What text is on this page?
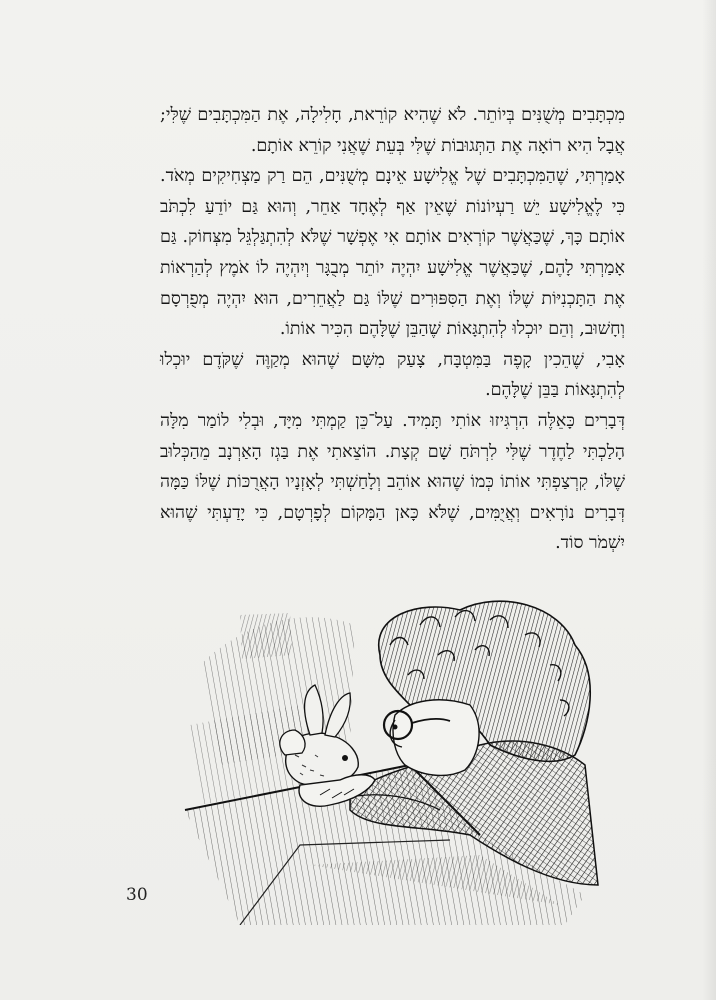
מִכְתָּבִים מְשֻׁנִּים בְּיוֹתֵר. לֹא שֶׁהִיא קוֹרֵאת, חָלִילָה, אֶת הַמִּכְתָּבִים שֶׁלִּי; אֲבָל הִיא רוֹאָה אֶת הַתְּגוּבוֹת שֶׁלִּי בְּעֵת שֶׁאֲנִי קוֹרֵא אוֹתָם.

אָמַרְתִּי, שֶׁהַמִּכְתָּבִים שֶׁל אֱלִישָׁע אֵינָם מְשֻׁנִּים, הֵם רַק מַצְחִיקִים מְאֹד. כִּי לֶאֱלִישָׁע יֵשׁ רַעְיוֹנוֹת שֶׁאֵין אַף לְאֶחָד אַחֵר, וְהוּא גַּם יוֹדֵעַ לִכְתֹּב אוֹתָם כָּךְ, שֶׁכַּאֲשֶׁר קוֹרְאִים אוֹתָם אִי אֶפְשָׁר שֶׁלֹּא לְהִתְגַּלְגֵּל מִצְּחוֹק. גַּם אָמַרְתִּי לָהֶם, שֶׁכַּאֲשֶׁר אֱלִישָׁע יִהְיֶה יוֹתֵר מְבֻגָּר וְיִהְיֶה לוֹ אֹמֶץ לְהַרְאוֹת אֶת הַתָּכְנִיּוֹת שֶׁלּוֹ וְאֶת הַסִּפּוּרִים שֶׁלּוֹ גַּם לַאֲחֵרִים, הוּא יִהְיֶה מְפֻרְסָם וְחָשׁוּב, וְהֵם יוּכְלוּ לְהִתְגָּאוֹת שֶׁהַבֵּן שֶׁלָּהֶם הִכִּיר אוֹתוֹ.

אָבִי, שֶׁהֵכִין קָפֶה בַּמִּטְבָּח, צָעַק מִשָּׁם שֶׁהוּא מְקַוֶּה שֶׁקֹּדֶם יוּכְלוּ לְהִתְגָּאוֹת בַּבֵּן שֶׁלָּהֶם.

דְּבָרִים כָּאֵלֶּה הִרְגִּיזוּ אוֹתִי תָּמִיד. עַל־כֵּן קַמְתִּי מִיָּד, וּבְלִי לוֹמַר מִלָּה הָלַכְתִּי לַחֶדֶר שֶׁלִּי לִרְתֹּחַ שָׁם קְצָת. הוֹצֵאתִי אֶת בַּגְז הָאַרְנָב מֵהַכְּלוּב שֶׁלּוֹ, קִרְצַפְתִּי אוֹתוֹ כְּמוֹ שֶׁהוּא אוֹהֵב וְלָחַשְׁתִּי לְאָזְנָיו הָאֲרֻכּוֹת שֶׁלּוֹ כַּמָּה דְּבָרִים נוֹרָאִים וְאֲיֻמִּים, שֶׁלֹּא כָּאן הַמָּקוֹם לְפָרְטָם, כִּי יָדַעְתִּי שֶׁהוּא יִשְׁמֹר סוֹד.

30
